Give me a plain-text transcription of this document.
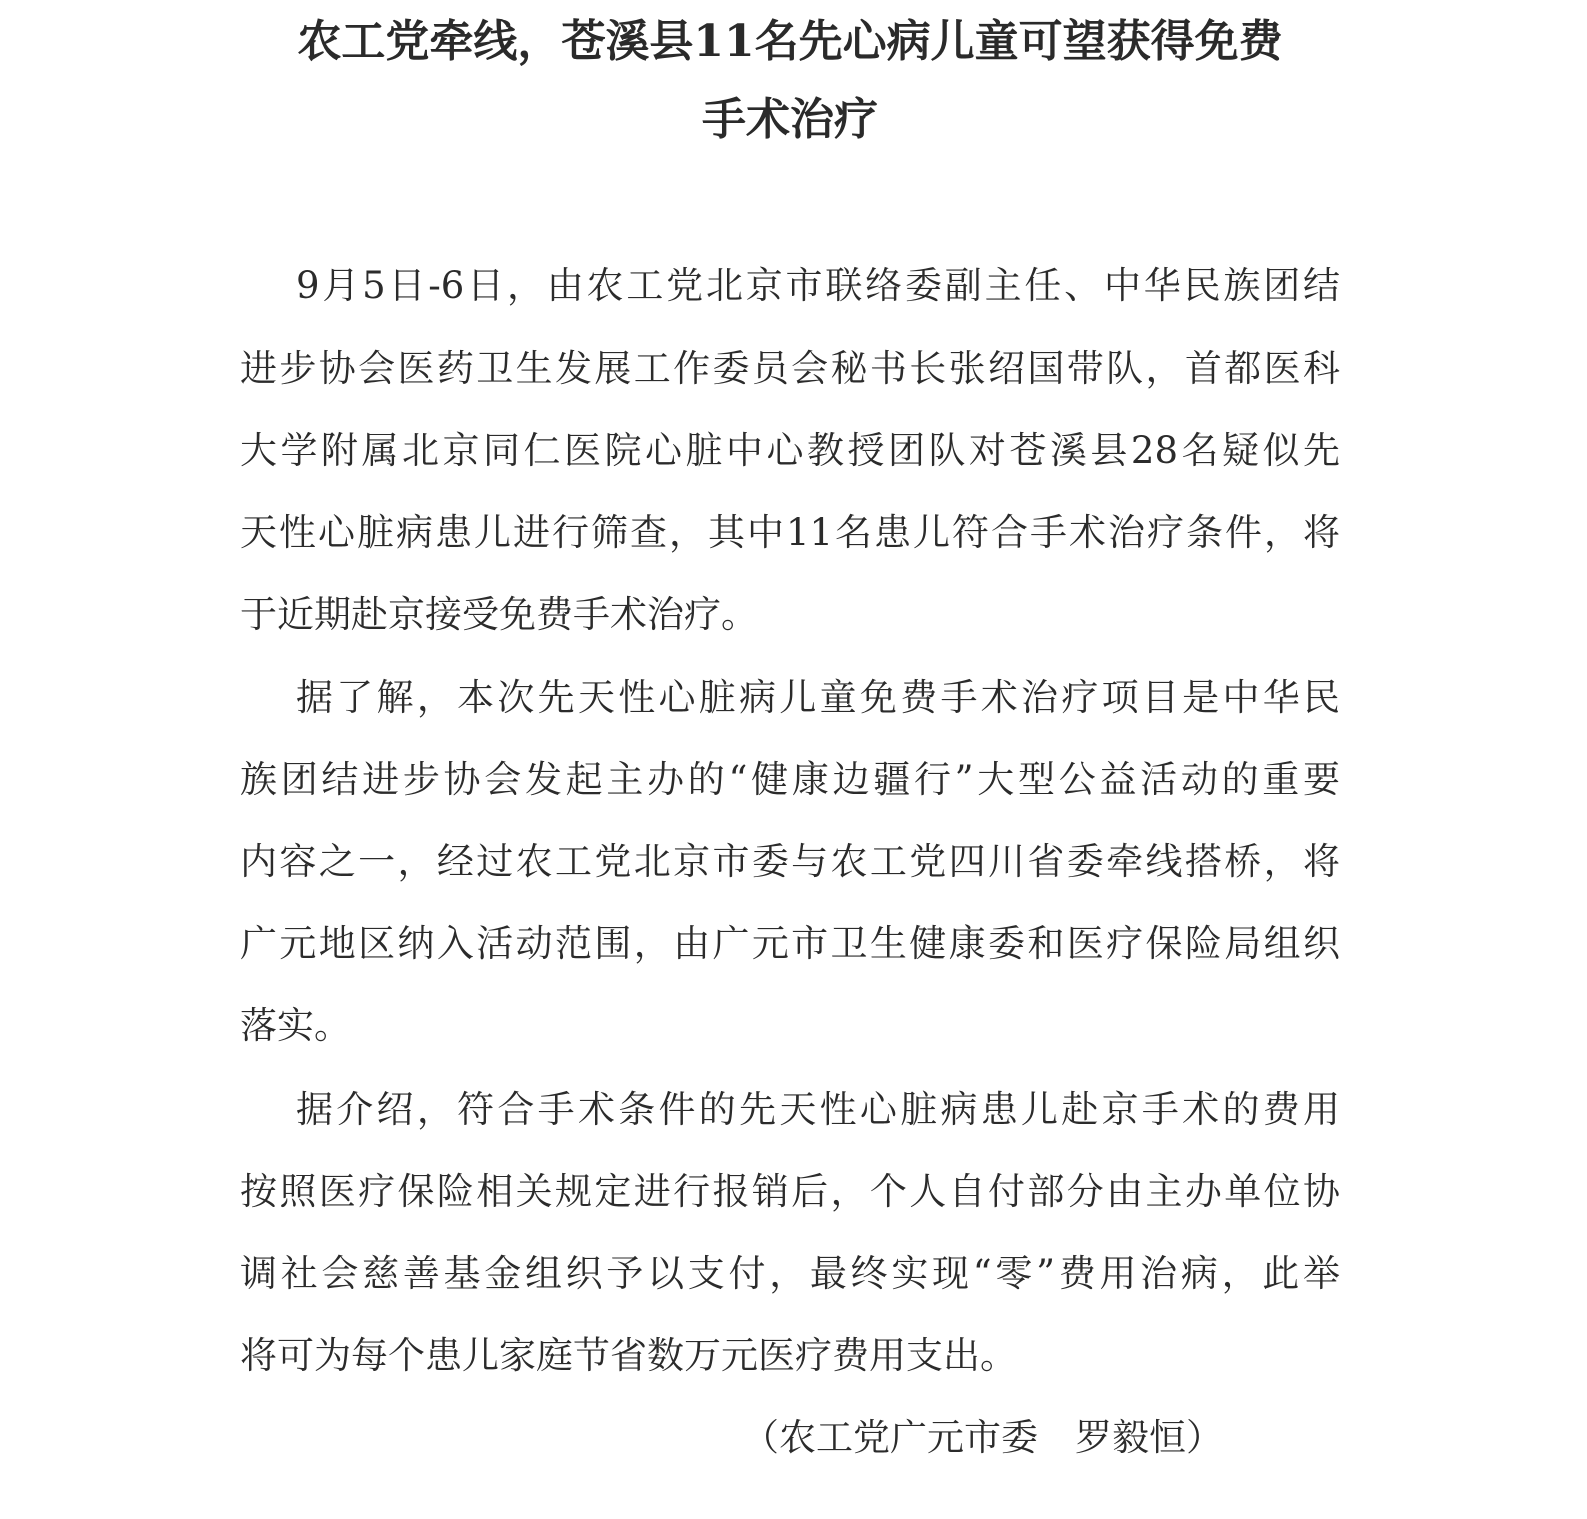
农工党牵线，苍溪县11名先心病儿童可望获得免费
手术治疗
9月5日-6日，由农工党北京市联络委副主任、中华民族团结
进步协会医药卫生发展工作委员会秘书长张绍国带队，首都医科
大学附属北京同仁医院心脏中心教授团队对苍溪县28名疑似先
天性心脏病患儿进行筛查，其中11名患儿符合手术治疗条件，将
于近期赴京接受免费手术治疗。
据了解，本次先天性心脏病儿童免费手术治疗项目是中华民
族团结进步协会发起主办的“健康边疆行”大型公益活动的重要
内容之一，经过农工党北京市委与农工党四川省委牵线搭桥，将
广元地区纳入活动范围，由广元市卫生健康委和医疗保险局组织
落实。
据介绍，符合手术条件的先天性心脏病患儿赴京手术的费用
按照医疗保险相关规定进行报销后，个人自付部分由主办单位协
调社会慈善基金组织予以支付，最终实现“零”费用治病，此举
将可为每个患儿家庭节省数万元医疗费用支出。
（农工党广元市委　罗毅恒）
